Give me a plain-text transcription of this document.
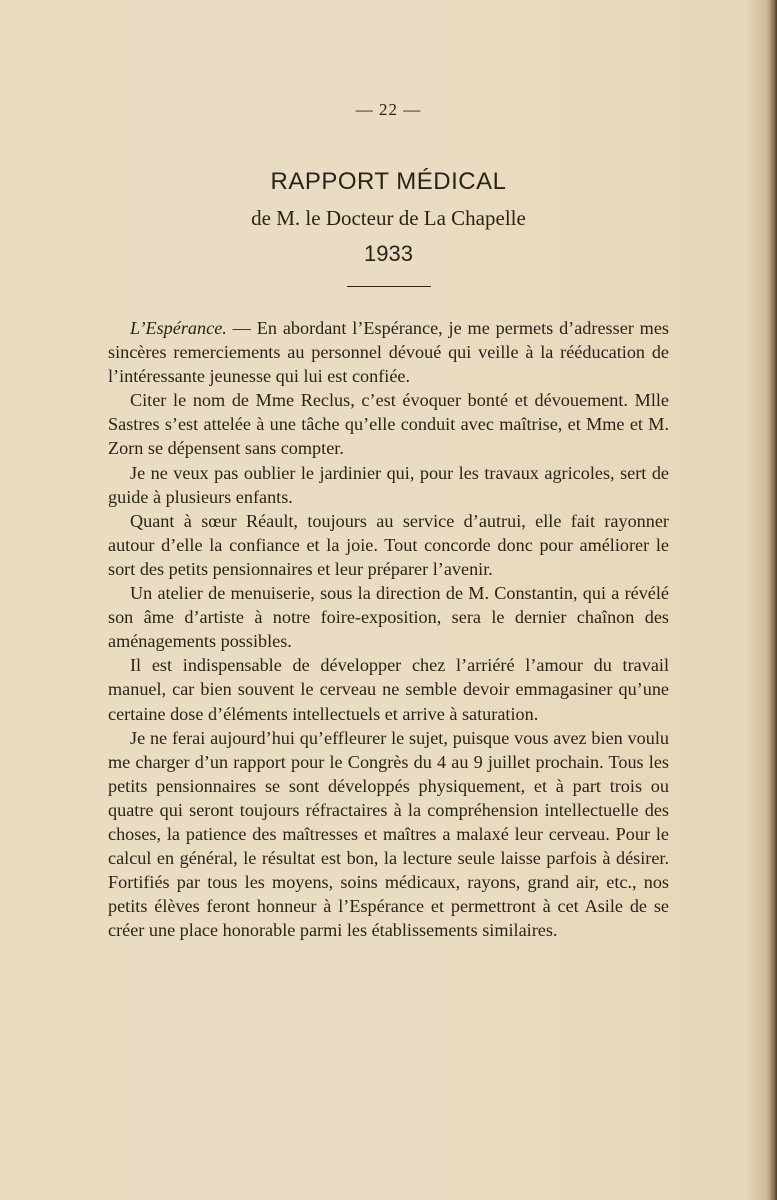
— 22 —
RAPPORT MÉDICAL
de M. le Docteur de La Chapelle
1933

L’Espérance. — En abordant l’Espérance, je me permets d’adresser mes sincères remerciements au personnel dévoué qui veille à la rééducation de l’intéressante jeunesse qui lui est confiée.

Citer le nom de Mme Reclus, c’est évoquer bonté et dévouement. Mlle Sastres s’est attelée à une tâche qu’elle conduit avec maîtrise, et Mme et M. Zorn se dépensent sans compter.

Je ne veux pas oublier le jardinier qui, pour les travaux agricoles, sert de guide à plusieurs enfants.

Quant à sœur Réault, toujours au service d’autrui, elle fait rayonner autour d’elle la confiance et la joie. Tout concorde donc pour améliorer le sort des petits pensionnaires et leur préparer l’avenir.

Un atelier de menuiserie, sous la direction de M. Constantin, qui a révélé son âme d’artiste à notre foire-exposition, sera le dernier chaînon des aménagements possibles.

Il est indispensable de développer chez l’arriéré l’amour du travail manuel, car bien souvent le cerveau ne semble devoir emmagasiner qu’une certaine dose d’éléments intellectuels et arrive à saturation.

Je ne ferai aujourd’hui qu’effleurer le sujet, puisque vous avez bien voulu me charger d’un rapport pour le Congrès du 4 au 9 juillet prochain. Tous les petits pensionnaires se sont développés physiquement, et à part trois ou quatre qui seront toujours réfractaires à la compréhension intellectuelle des choses, la patience des maîtresses et maîtres a malaxé leur cerveau. Pour le calcul en général, le résultat est bon, la lecture seule laisse parfois à désirer. Fortifiés par tous les moyens, soins médicaux, rayons, grand air, etc., nos petits élèves feront honneur à l’Espérance et permettront à cet Asile de se créer une place honorable parmi les établissements similaires.
